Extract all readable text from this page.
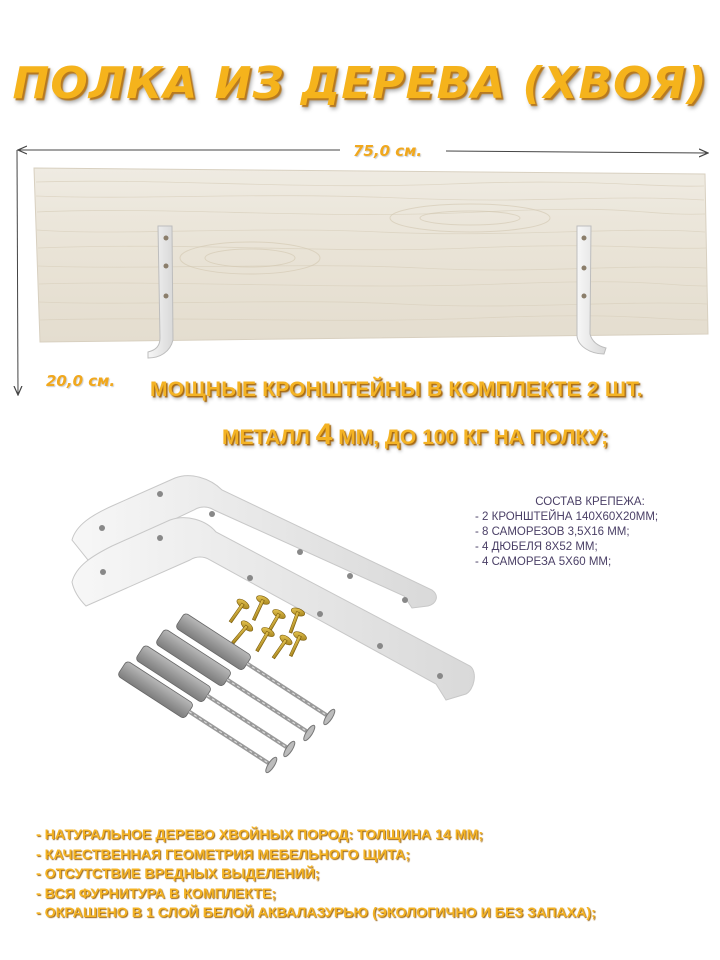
ПОЛКА ИЗ ДЕРЕВА (ХВОЯ)
75,0 см.
20,0 см. МОЩНЫЕ КРОНШТЕЙНЫ В КОМПЛЕКТЕ 2 ШТ.
МЕТАЛЛ 4 ММ, ДО 100 КГ НА ПОЛКУ;
СОСТАВ КРЕПЕЖА:
- 2 КРОНШТЕЙНА 140Х60Х20ММ;
- 8 САМОРЕЗОВ 3,5Х16 ММ;
- 4 ДЮБЕЛЯ 8Х52 ММ;
- 4 САМОРЕЗА 5Х60 ММ;
- НАТУРАЛЬНОЕ ДЕРЕВО ХВОЙНЫХ ПОРОД: ТОЛЩИНА 14 ММ;
- КАЧЕСТВЕННАЯ ГЕОМЕТРИЯ МЕБЕЛЬНОГО ЩИТА;
- ОТСУТСТВИЕ ВРЕДНЫХ ВЫДЕЛЕНИЙ;
- ВСЯ ФУРНИТУРА В КОМПЛЕКТЕ;
- ОКРАШЕНО В 1 СЛОЙ БЕЛОЙ АКВАЛАЗУРЬЮ (ЭКОЛОГИЧНО И БЕЗ ЗАПАХА);
